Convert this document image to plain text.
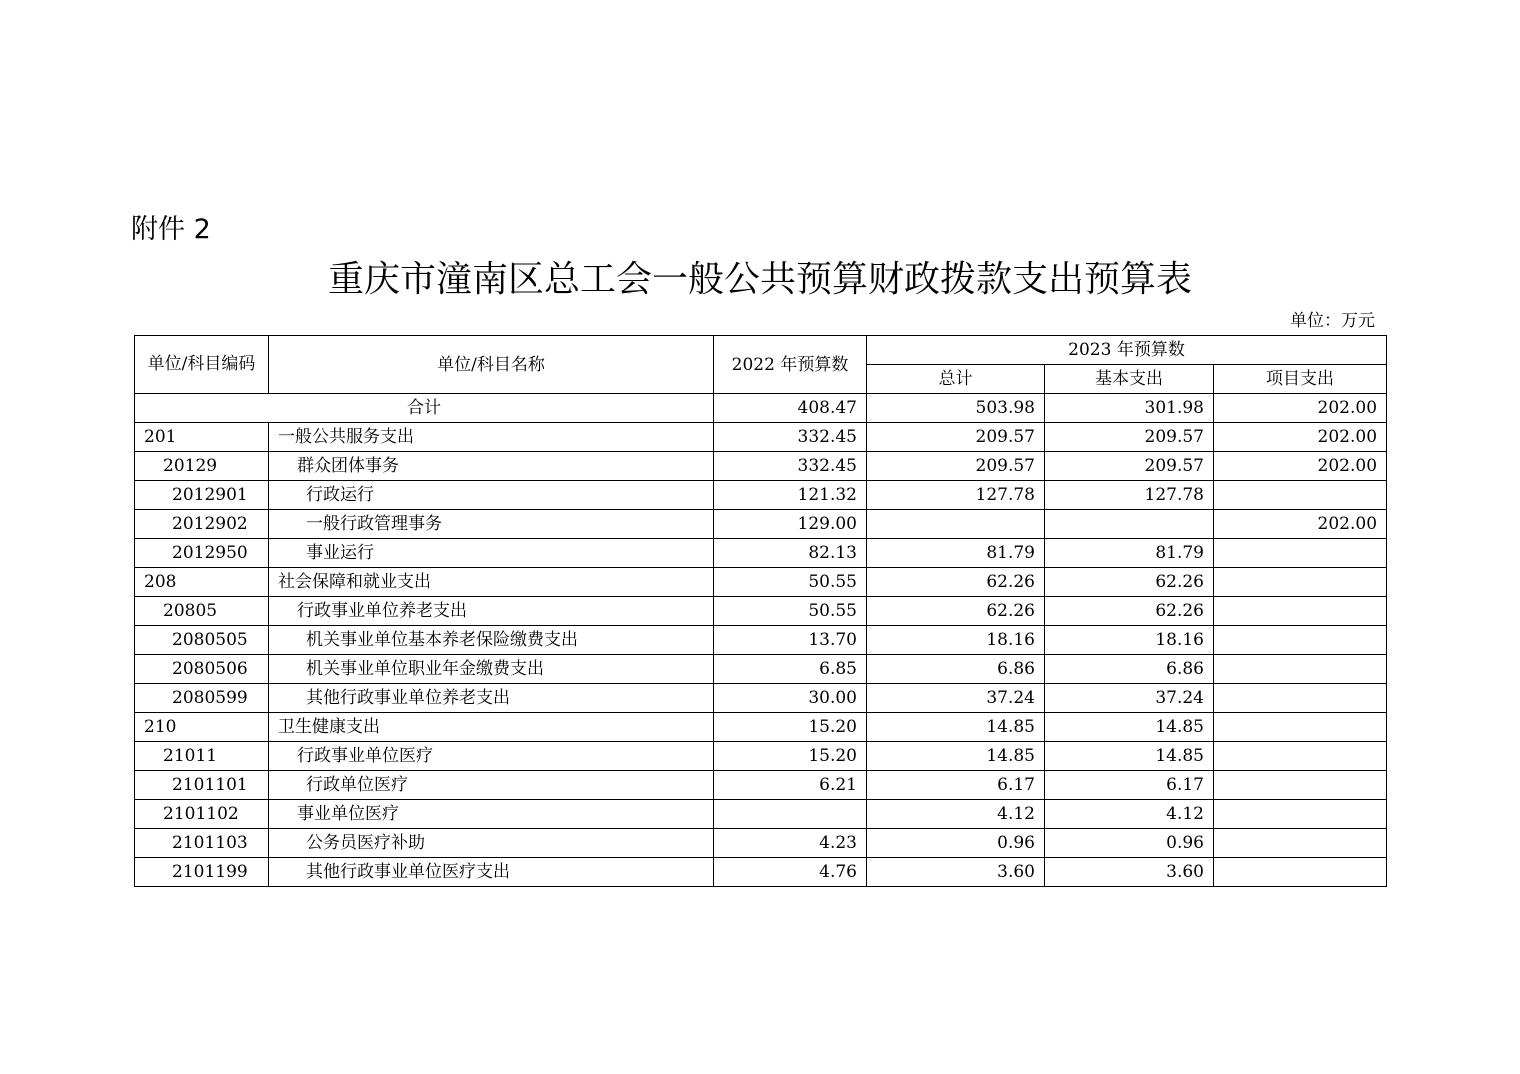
附件 2
重庆市潼南区总工会一般公共预算财政拨款支出预算表
单位：万元
单位/科目编码	单位/科目名称	2022 年预算数	2023 年预算数		
			总计	基本支出	项目支出
合计		408.47	503.98	301.98	202.00
201	一般公共服务支出	332.45	209.57	209.57	202.00
20129	群众团体事务	332.45	209.57	209.57	202.00
2012901	行政运行	121.32	127.78	127.78	
2012902	一般行政管理事务	129.00			202.00
2012950	事业运行	82.13	81.79	81.79	
208	社会保障和就业支出	50.55	62.26	62.26	
20805	行政事业单位养老支出	50.55	62.26	62.26	
2080505	机关事业单位基本养老保险缴费支出	13.70	18.16	18.16	
2080506	机关事业单位职业年金缴费支出	6.85	6.86	6.86	
2080599	其他行政事业单位养老支出	30.00	37.24	37.24	
210	卫生健康支出	15.20	14.85	14.85	
21011	行政事业单位医疗	15.20	14.85	14.85	
2101101	行政单位医疗	6.21	6.17	6.17	
2101102	事业单位医疗		4.12	4.12	
2101103	公务员医疗补助	4.23	0.96	0.96	
2101199	其他行政事业单位医疗支出	4.76	3.60	3.60	
